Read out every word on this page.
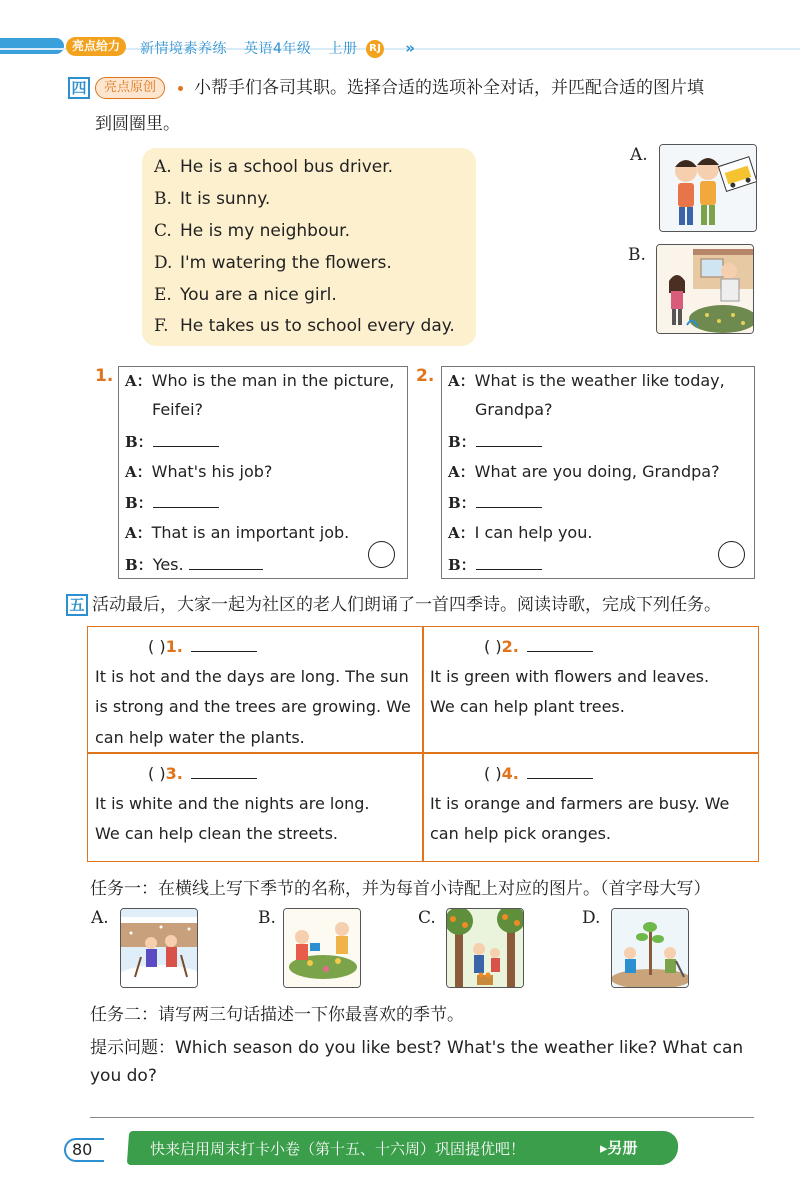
亮点给力	新情境素养练 英语4年级 上册 RJ »
四	亮点原创	小帮手们各司其职。选择合适的选项补全对话，并匹配合适的图片填
到圆圈里。
A. He is a school bus driver.
B. It is sunny.
C. He is my neighbour.
D. I'm watering the flowers.
E. You are a nice girl.
F. He takes us to school every day.
A.
B.
1. A：Who is the man in the picture,
Feifei?
B：
A：What's his job?
B：
A：That is an important job.
B：Yes.
2. A：What is the weather like today,
Grandpa?
B：
A：What are you doing, Grandpa?
B：
A：I can help you.
B：
五 活动最后，大家一起为社区的老人们朗诵了一首四季诗。阅读诗歌，完成下列任务。
( )1.
It is hot and the days are long. The sun
is strong and the trees are growing. We
can help water the plants.
( )2.
It is green with flowers and leaves.
We can help plant trees.
( )3.
It is white and the nights are long.
We can help clean the streets.
( )4.
It is orange and farmers are busy. We
can help pick oranges.
任务一：在横线上写下季节的名称，并为每首小诗配上对应的图片。（首字母大写）
A.	B.	C.	D.
任务二：请写两三句话描述一下你最喜欢的季节。
提示问题：Which season do you like best? What's the weather like? What can
you do?
80	快来启用周末打卡小卷（第十五、十六周）巩固提优吧！	▸另册
